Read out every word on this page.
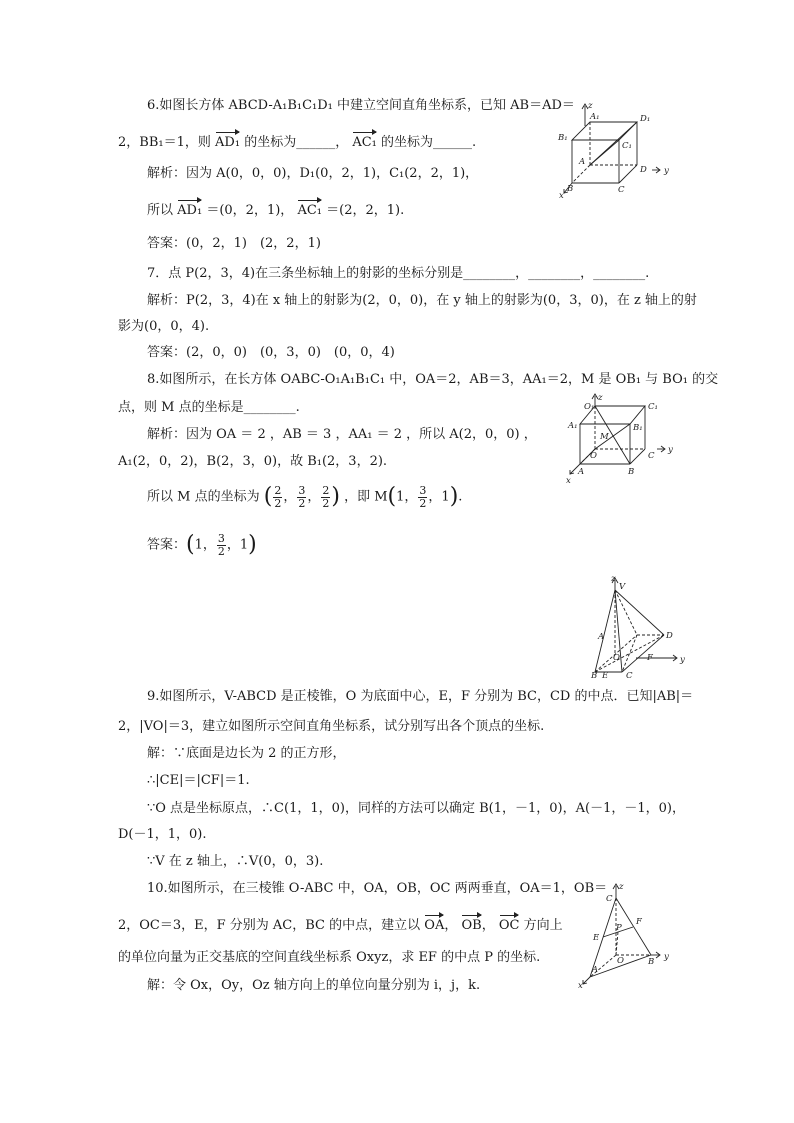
6.如图长方体 ABCD-A₁B₁C₁D₁ 中建立空间直角坐标系，已知 AB＝AD＝
2，BB₁＝1，则 AD₁ 的坐标为______， AC₁ 的坐标为______.
解析：因为 A(0，0，0)，D₁(0，2，1)，C₁(2，2，1)，
所以 AD₁ ＝(0，2，1)， AC₁ ＝(2，2，1).
答案：(0，2，1)　(2，2，1)
7．点 P(2，3，4)在三条坐标轴上的射影的坐标分别是________，________，________.
解析：P(2，3，4)在 x 轴上的射影为(2，0，0)，在 y 轴上的射影为(0，3，0)，在 z 轴上的射
影为(0，0，4).
答案：(2，0，0)　(0，3，0)　(0，0，4)
8.如图所示，在长方体 OABC-O₁A₁B₁C₁ 中，OA＝2，AB＝3，AA₁＝2，M 是 OB₁ 与 BO₁ 的交
点，则 M 点的坐标是________.
解析：因为 OA ＝ 2 ，AB ＝ 3 ，AA₁ ＝ 2 ，所以 A(2，0，0) ，
A₁(2，0，2)，B(2，3，0)，故 B₁(2，3，2).
所以 M 点的坐标为 ( $\frac{2}{2}$ ， $\frac{3}{2}$ ， $\frac{2}{2}$ ) ，即 M(1， $\frac{3}{2}$ ，1).
答案：(1， $\frac{3}{2}$ ，1)
9.如图所示，V-ABCD 是正棱锥，O 为底面中心，E，F 分别为 BC，CD 的中点．已知|AB|＝
2，|VO|＝3，建立如图所示空间直角坐标系，试分别写出各个顶点的坐标.
解：∵底面是边长为 2 的正方形，
∴|CE|＝|CF|＝1.
∵O 点是坐标原点，∴C(1，1，0)，同样的方法可以确定 B(1，－1，0)，A(－1，－1，0)，
D(－1，1，0).
∵V 在 z 轴上，∴V(0，0，3).
10.如图所示，在三棱锥 O-ABC 中，OA，OB，OC 两两垂直，OA＝1，OB＝
2，OC＝3，E，F 分别为 AC，BC 的中点，建立以 OA， OB， OC 方向上
的单位向量为正交基底的空间直线坐标系 Oxyz，求 EF 的中点 P 的坐标.
解：令 Ox，Oy，Oz 轴方向上的单位向量分别为 i，j，k.
z
y
x
A₁	D₁
B₁
C₁
A
D
B	C
z
y
x
O₁	C₁
A₁	B₁
M
O	C
A	B
z
y
V
A	D
O	F
B E C
z
y
x
C
F
P
E
O	B
A
